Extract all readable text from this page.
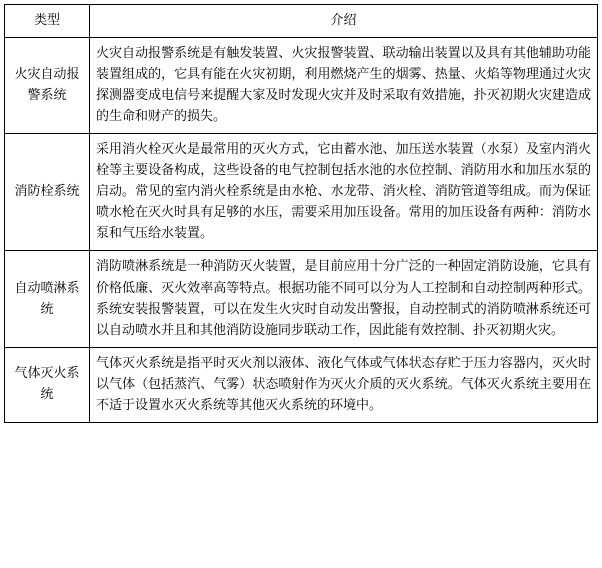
类型	介绍
火灾自动报警系统	火灾自动报警系统是有触发装置、火灾报警装置、联动输出装置以及具有其他辅助功能装置组成的，它具有能在火灾初期，利用燃烧产生的烟雾、热量、火焰等物理通过火灾探测器变成电信号来提醒大家及时发现火灾并及时采取有效措施，扑灭初期火灾建造成的生命和财产的损失。

消防栓系统	采用消火栓灭火是最常用的灭火方式，它由蓄水池、加压送水装置（水泵）及室内消火栓等主要设备构成，这些设备的电气控制包括水池的水位控制、消防用水和加压水泵的启动。常见的室内消火栓系统是由水枪、水龙带、消火栓、消防管道等组成。而为保证喷水枪在灭火时具有足够的水压，需要采用加压设备。常用的加压设备有两种：消防水泵和气压给水装置。

自动喷淋系统	消防喷淋系统是一种消防灭火装置，是目前应用十分广泛的一种固定消防设施，它具有价格低廉、灭火效率高等特点。根据功能不同可以分为人工控制和自动控制两种形式。系统安装报警装置，可以在发生火灾时自动发出警报，自动控制式的消防喷淋系统还可以自动喷水并且和其他消防设施同步联动工作，因此能有效控制、扑灭初期火灾。

气体灭火系统	气体灭火系统是指平时灭火剂以液体、液化气体或气体状态存贮于压力容器内，灭火时以气体（包括蒸汽、气雾）状态喷射作为灭火介质的灭火系统。气体灭火系统主要用在不适于设置水灭火系统等其他灭火系统的环境中。
